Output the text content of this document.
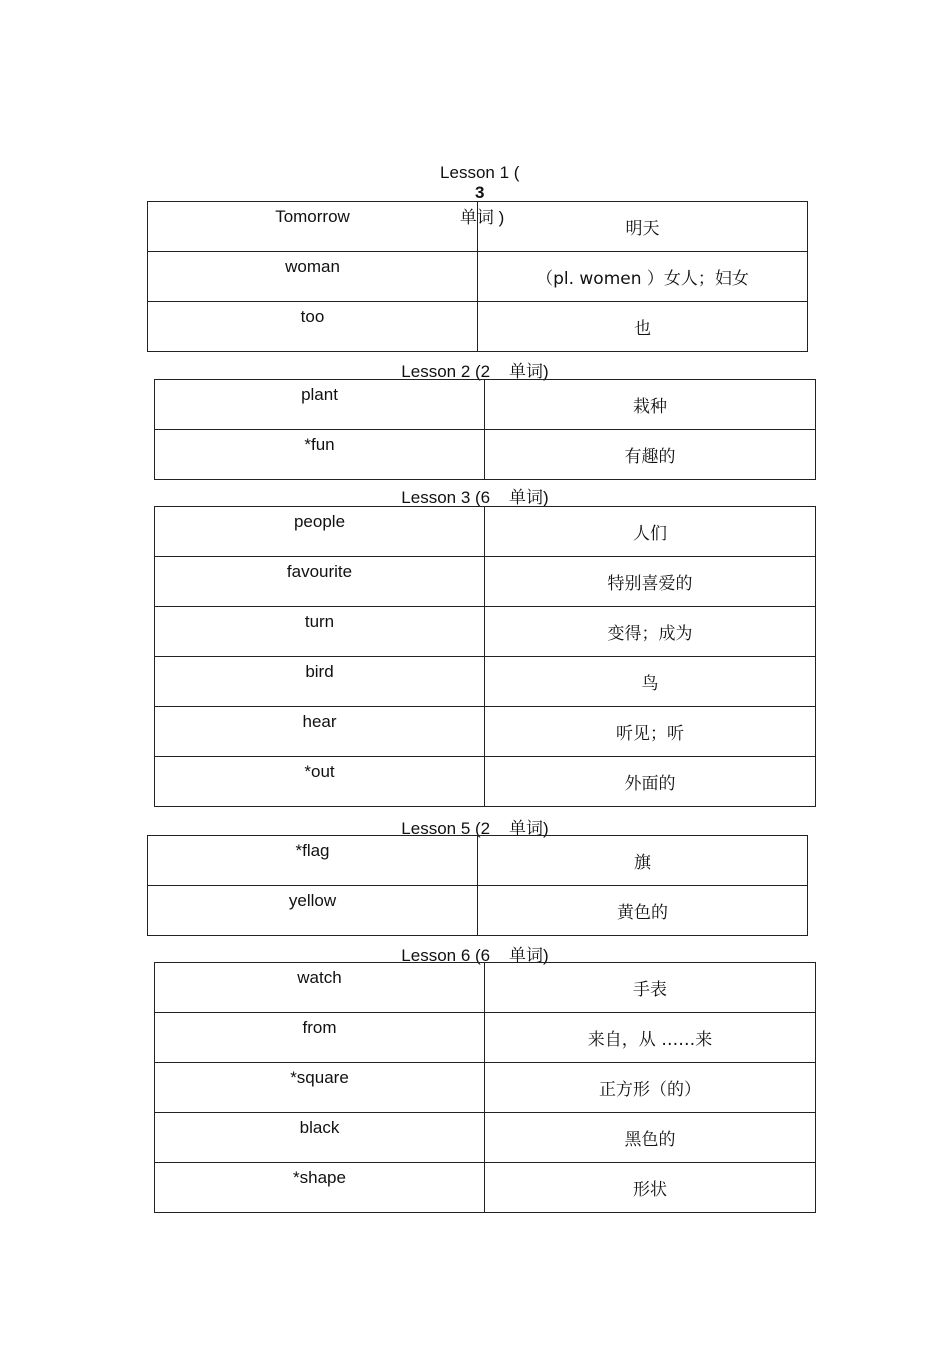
Lesson 1 (
3
单词 )

Tomorrow	明天
woman	（pl. women ）女人；妇女
too	也
Lesson 2 (2    单词)
plant	栽种
*fun	有趣的
Lesson 3 (6    单词)
people	人们
favourite	特别喜爱的
turn	变得；成为
bird	鸟
hear	听见；听
*out	外面的
Lesson 5 (2    单词)
*flag	旗
yellow	黄色的
Lesson 6 (6    单词)
watch	手表
from	来自，从 ……来
*square	正方形（的）
black	黑色的
*shape	形状
